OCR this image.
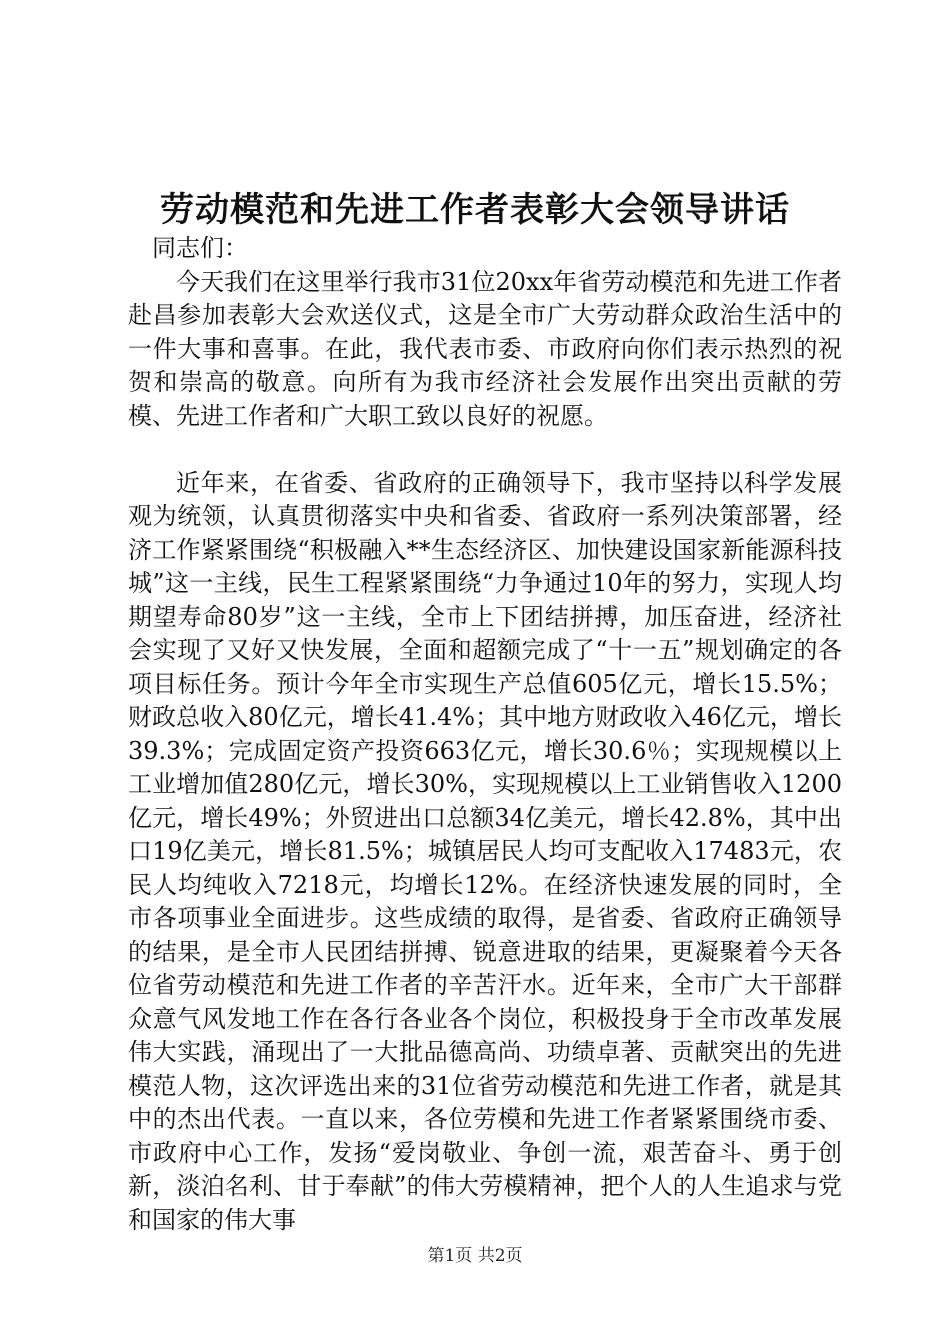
劳动模范和先进工作者表彰大会领导讲话

同志们：

今天我们在这里举行我市31位20xx年省劳动模范和先进工作者赴昌参加表彰大会欢送仪式，这是全市广大劳动群众政治生活中的一件大事和喜事。在此，我代表市委、市政府向你们表示热烈的祝贺和崇高的敬意。向所有为我市经济社会发展作出突出贡献的劳模、先进工作者和广大职工致以良好的祝愿。

近年来，在省委、省政府的正确领导下，我市坚持以科学发展观为统领，认真贯彻落实中央和省委、省政府一系列决策部署，经济工作紧紧围绕“积极融入**生态经济区、加快建设国家新能源科技城”这一主线，民生工程紧紧围绕“力争通过10年的努力，实现人均期望寿命80岁”这一主线，全市上下团结拼搏，加压奋进，经济社会实现了又好又快发展，全面和超额完成了“十一五”规划确定的各项目标任务。预计今年全市实现生产总值605亿元，增长15.5%；财政总收入80亿元，增长41.4%；其中地方财政收入46亿元，增长39.3%；完成固定资产投资663亿元，增长30.6％；实现规模以上工业增加值280亿元，增长30%，实现规模以上工业销售收入1200亿元，增长49%；外贸进出口总额34亿美元，增长42.8%，其中出口19亿美元，增长81.5%；城镇居民人均可支配收入17483元，农民人均纯收入7218元，均增长12%。在经济快速发展的同时，全市各项事业全面进步。这些成绩的取得，是省委、省政府正确领导的结果，是全市人民团结拼搏、锐意进取的结果，更凝聚着今天各位省劳动模范和先进工作者的辛苦汗水。近年来，全市广大干部群众意气风发地工作在各行各业各个岗位，积极投身于全市改革发展伟大实践，涌现出了一大批品德高尚、功绩卓著、贡献突出的先进模范人物，这次评选出来的31位省劳动模范和先进工作者，就是其中的杰出代表。一直以来，各位劳模和先进工作者紧紧围绕市委、市政府中心工作，发扬“爱岗敬业、争创一流，艰苦奋斗、勇于创新，淡泊名利、甘于奉献”的伟大劳模精神，把个人的人生追求与党和国家的伟大事

第1页 共2页
